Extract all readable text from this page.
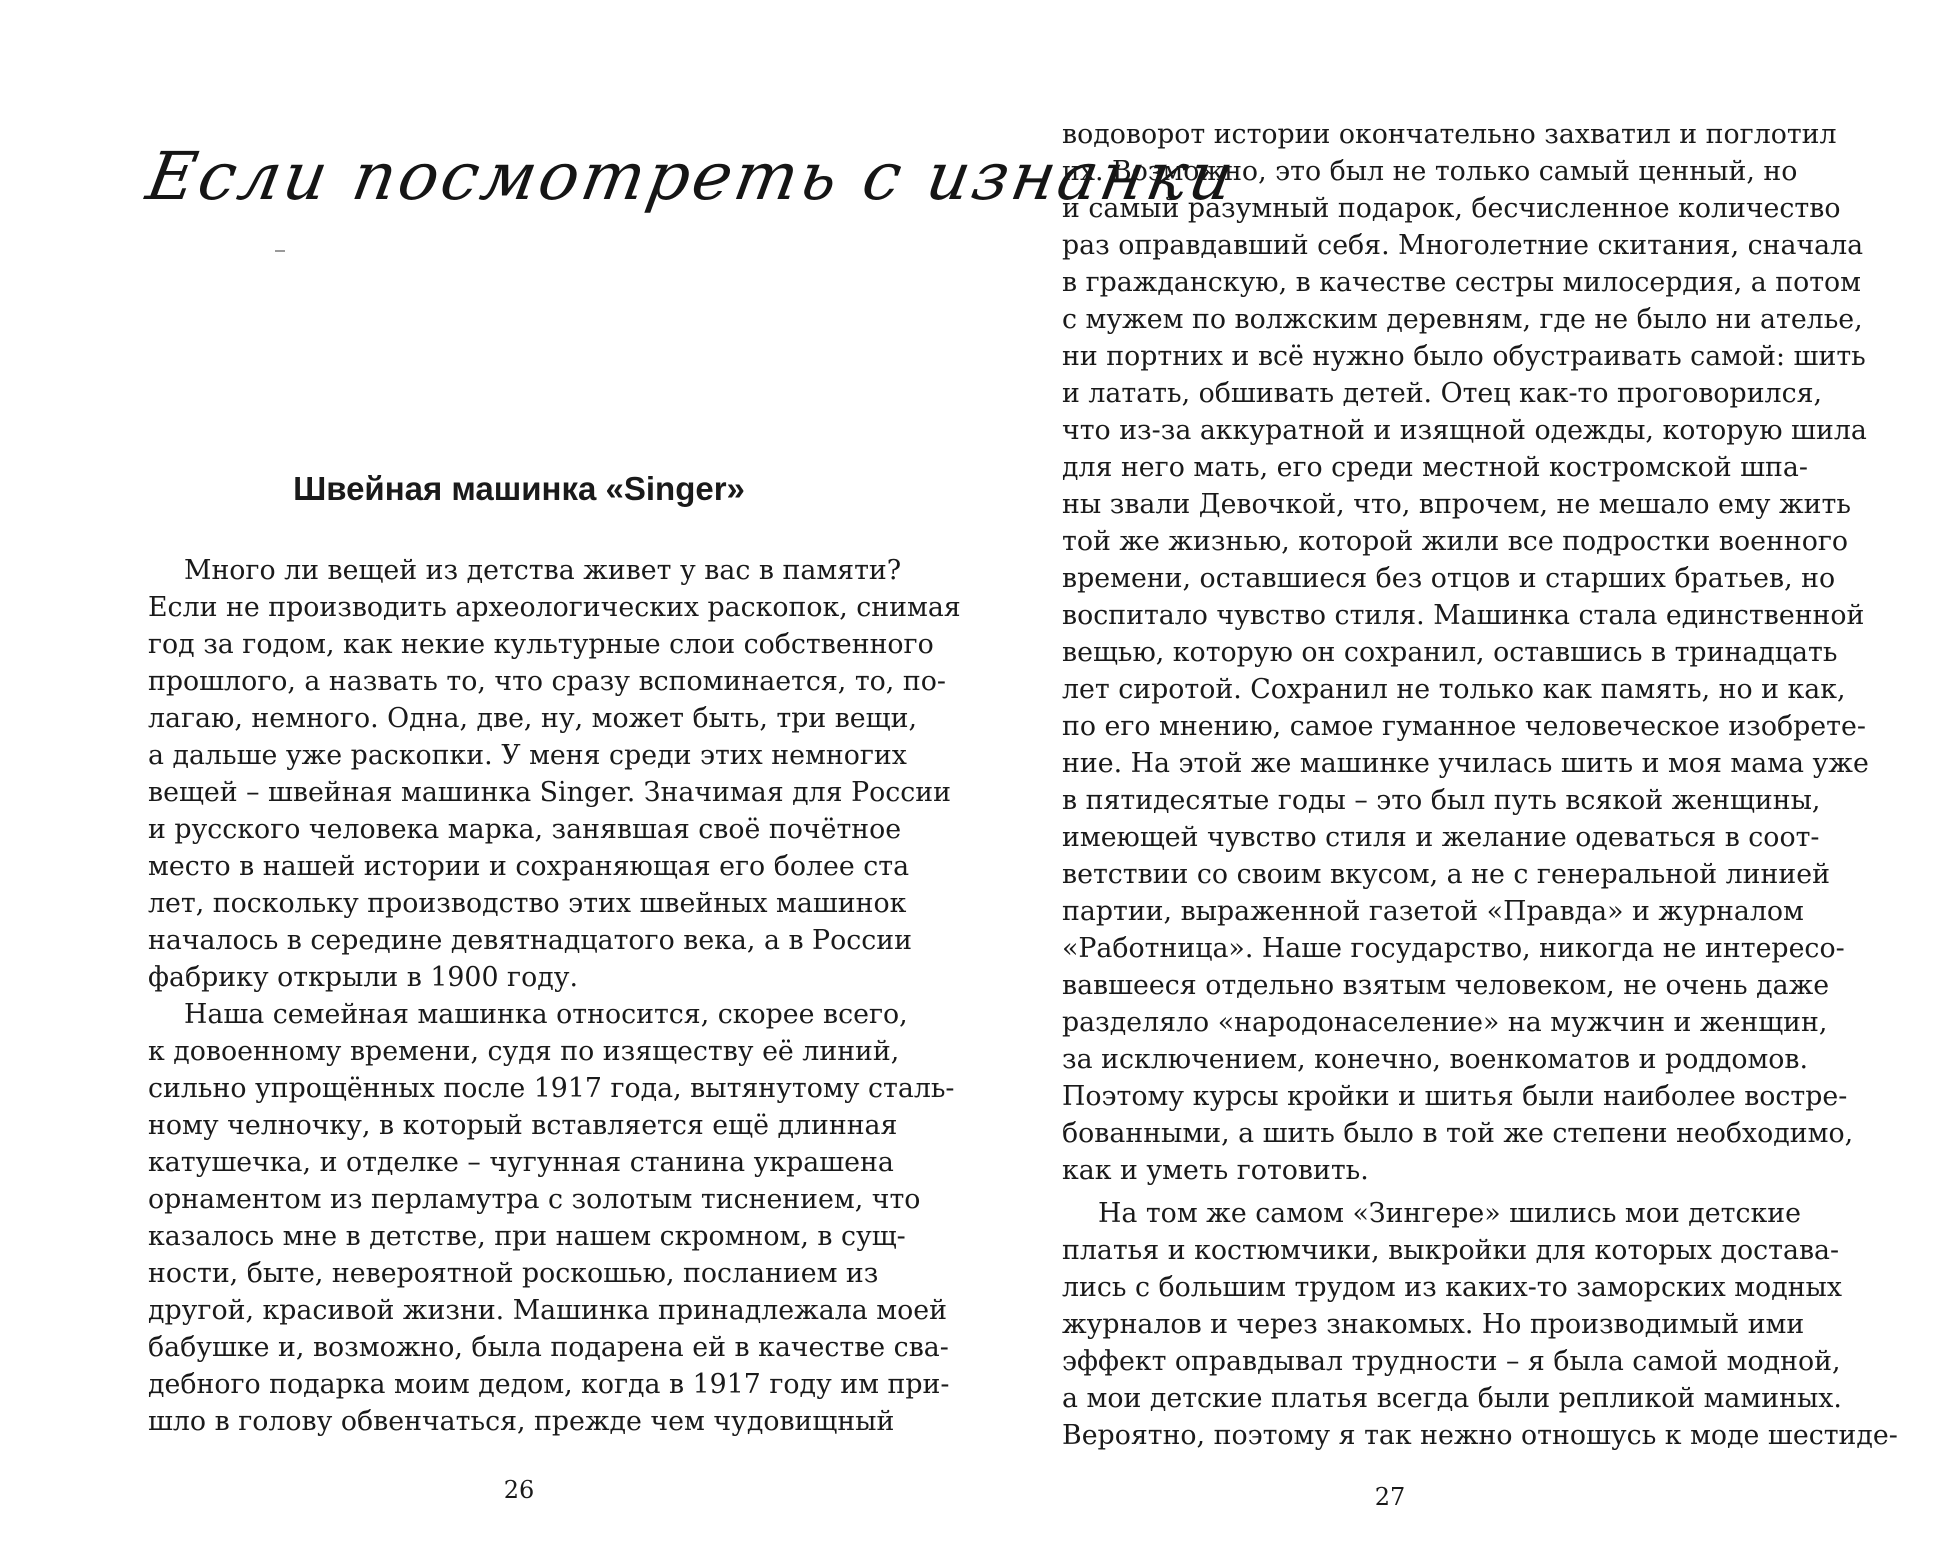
Если посмотреть с изнанки
Швейная машинка «Singer»
Много ли вещей из детства живет у вас в памяти?
Если не производить археологических раскопок, снимая
год за годом, как некие культурные слои собственного
прошлого, а назвать то, что сразу вспоминается, то, по-
лагаю, немного. Одна, две, ну, может быть, три вещи,
а дальше уже раскопки. У меня среди этих немногих
вещей – швейная машинка Singer. Значимая для России
и русского человека марка, занявшая своё почётное
место в нашей истории и сохраняющая его более ста
лет, поскольку производство этих швейных машинок
началось в середине девятнадцатого века, а в России
фабрику открыли в 1900 году.
Наша семейная машинка относится, скорее всего,
к довоенному времени, судя по изяществу её линий,
сильно упрощённых после 1917 года, вытянутому сталь-
ному челночку, в который вставляется ещё длинная
катушечка, и отделке – чугунная станина украшена
орнаментом из перламутра с золотым тиснением, что
казалось мне в детстве, при нашем скромном, в сущ-
ности, быте, невероятной роскошью, посланием из
другой, красивой жизни. Машинка принадлежала моей
бабушке и, возможно, была подарена ей в качестве сва-
дебного подарка моим дедом, когда в 1917 году им при-
шло в голову обвенчаться, прежде чем чудовищный
26
водоворот истории окончательно захватил и поглотил
их. Возможно, это был не только самый ценный, но
и самый разумный подарок, бесчисленное количество
раз оправдавший себя. Многолетние скитания, сначала
в гражданскую, в качестве сестры милосердия, а потом
с мужем по волжским деревням, где не было ни ателье,
ни портних и всё нужно было обустраивать самой: шить
и латать, обшивать детей. Отец как-то проговорился,
что из-за аккуратной и изящной одежды, которую шила
для него мать, его среди местной костромской шпа-
ны звали Девочкой, что, впрочем, не мешало ему жить
той же жизнью, которой жили все подростки военного
времени, оставшиеся без отцов и старших братьев, но
воспитало чувство стиля. Машинка стала единственной
вещью, которую он сохранил, оставшись в тринадцать
лет сиротой. Сохранил не только как память, но и как,
по его мнению, самое гуманное человеческое изобрете-
ние. На этой же машинке училась шить и моя мама уже
в пятидесятые годы – это был путь всякой женщины,
имеющей чувство стиля и желание одеваться в соот-
ветствии со своим вкусом, а не с генеральной линией
партии, выраженной газетой «Правда» и журналом
«Работница». Наше государство, никогда не интересо-
вавшееся отдельно взятым человеком, не очень даже
разделяло «народонаселение» на мужчин и женщин,
за исключением, конечно, военкоматов и роддомов.
Поэтому курсы кройки и шитья были наиболее востре-
бованными, а шить было в той же степени необходимо,
как и уметь готовить.
На том же самом «Зингере» шились мои детские
платья и костюмчики, выкройки для которых достава-
лись с большим трудом из каких-то заморских модных
журналов и через знакомых. Но производимый ими
эффект оправдывал трудности – я была самой модной,
а мои детские платья всегда были репликой маминых.
Вероятно, поэтому я так нежно отношусь к моде шестиде-
27
